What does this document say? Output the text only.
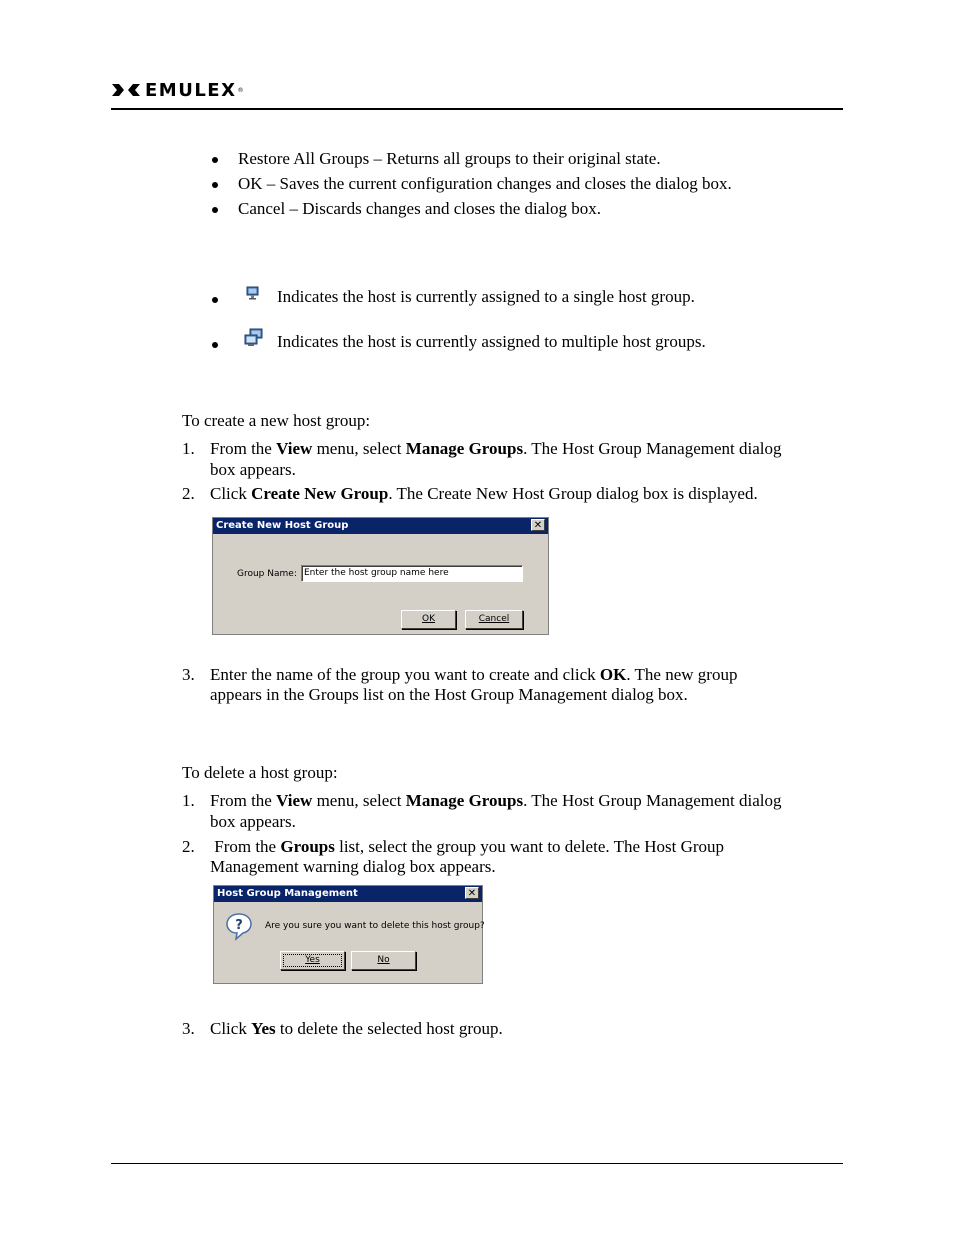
EMULEX ®
Restore All Groups – Returns all groups to their original state.
OK – Saves the current configuration changes and closes the dialog box.
Cancel – Discards changes and closes the dialog box.
Indicates the host is currently assigned to a single host group.
Indicates the host is currently assigned to multiple host groups.
To create a new host group:
1. From the View menu, select Manage Groups. The Host Group Management dialog
box appears.
2. Click Create New Group. The Create New Host Group dialog box is displayed.
Create New Host Group	✕
Group Name: Enter the host group name here
OK	Cancel
3. Enter the name of the group you want to create and click OK. The new group
appears in the Groups list on the Host Group Management dialog box.
To delete a host group:
1. From the View menu, select Manage Groups. The Host Group Management dialog
box appears.
2. From the Groups list, select the group you want to delete. The Host Group
Management warning dialog box appears.
Host Group Management	✕
? Are you sure you want to delete this host group?
Yes	No
3. Click Yes to delete the selected host group.
